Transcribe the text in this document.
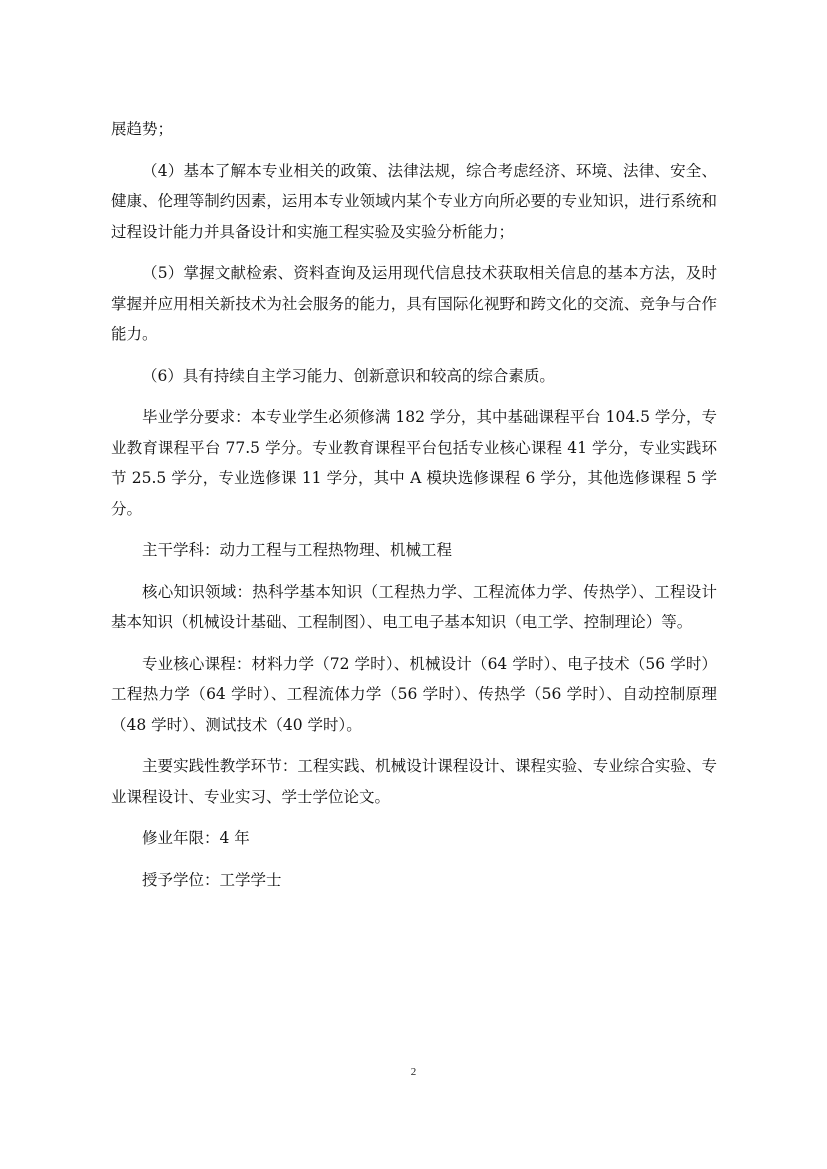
展趋势；

（4）基本了解本专业相关的政策、法律法规，综合考虑经济、环境、法律、安全、健康、伦理等制约因素，运用本专业领域内某个专业方向所必要的专业知识，进行系统和过程设计能力并具备设计和实施工程实验及实验分析能力；

（5）掌握文献检索、资料查询及运用现代信息技术获取相关信息的基本方法，及时掌握并应用相关新技术为社会服务的能力，具有国际化视野和跨文化的交流、竞争与合作能力。

（6）具有持续自主学习能力、创新意识和较高的综合素质。

毕业学分要求：本专业学生必须修满 182 学分，其中基础课程平台 104.5 学分，专业教育课程平台 77.5 学分。专业教育课程平台包括专业核心课程 41 学分，专业实践环节 25.5 学分，专业选修课 11 学分，其中 A 模块选修课程 6 学分，其他选修课程 5 学分。

主干学科：动力工程与工程热物理、机械工程

核心知识领域：热科学基本知识（工程热力学、工程流体力学、传热学）、工程设计基本知识（机械设计基础、工程制图）、电工电子基本知识（电工学、控制理论）等。

专业核心课程：材料力学（72 学时）、机械设计（64 学时）、电子技术（56 学时）工程热力学（64 学时）、工程流体力学（56 学时）、传热学（56 学时）、自动控制原理（48 学时）、测试技术（40 学时）。

主要实践性教学环节：工程实践、机械设计课程设计、课程实验、专业综合实验、专业课程设计、专业实习、学士学位论文。

修业年限：4 年

授予学位：工学学士

2
